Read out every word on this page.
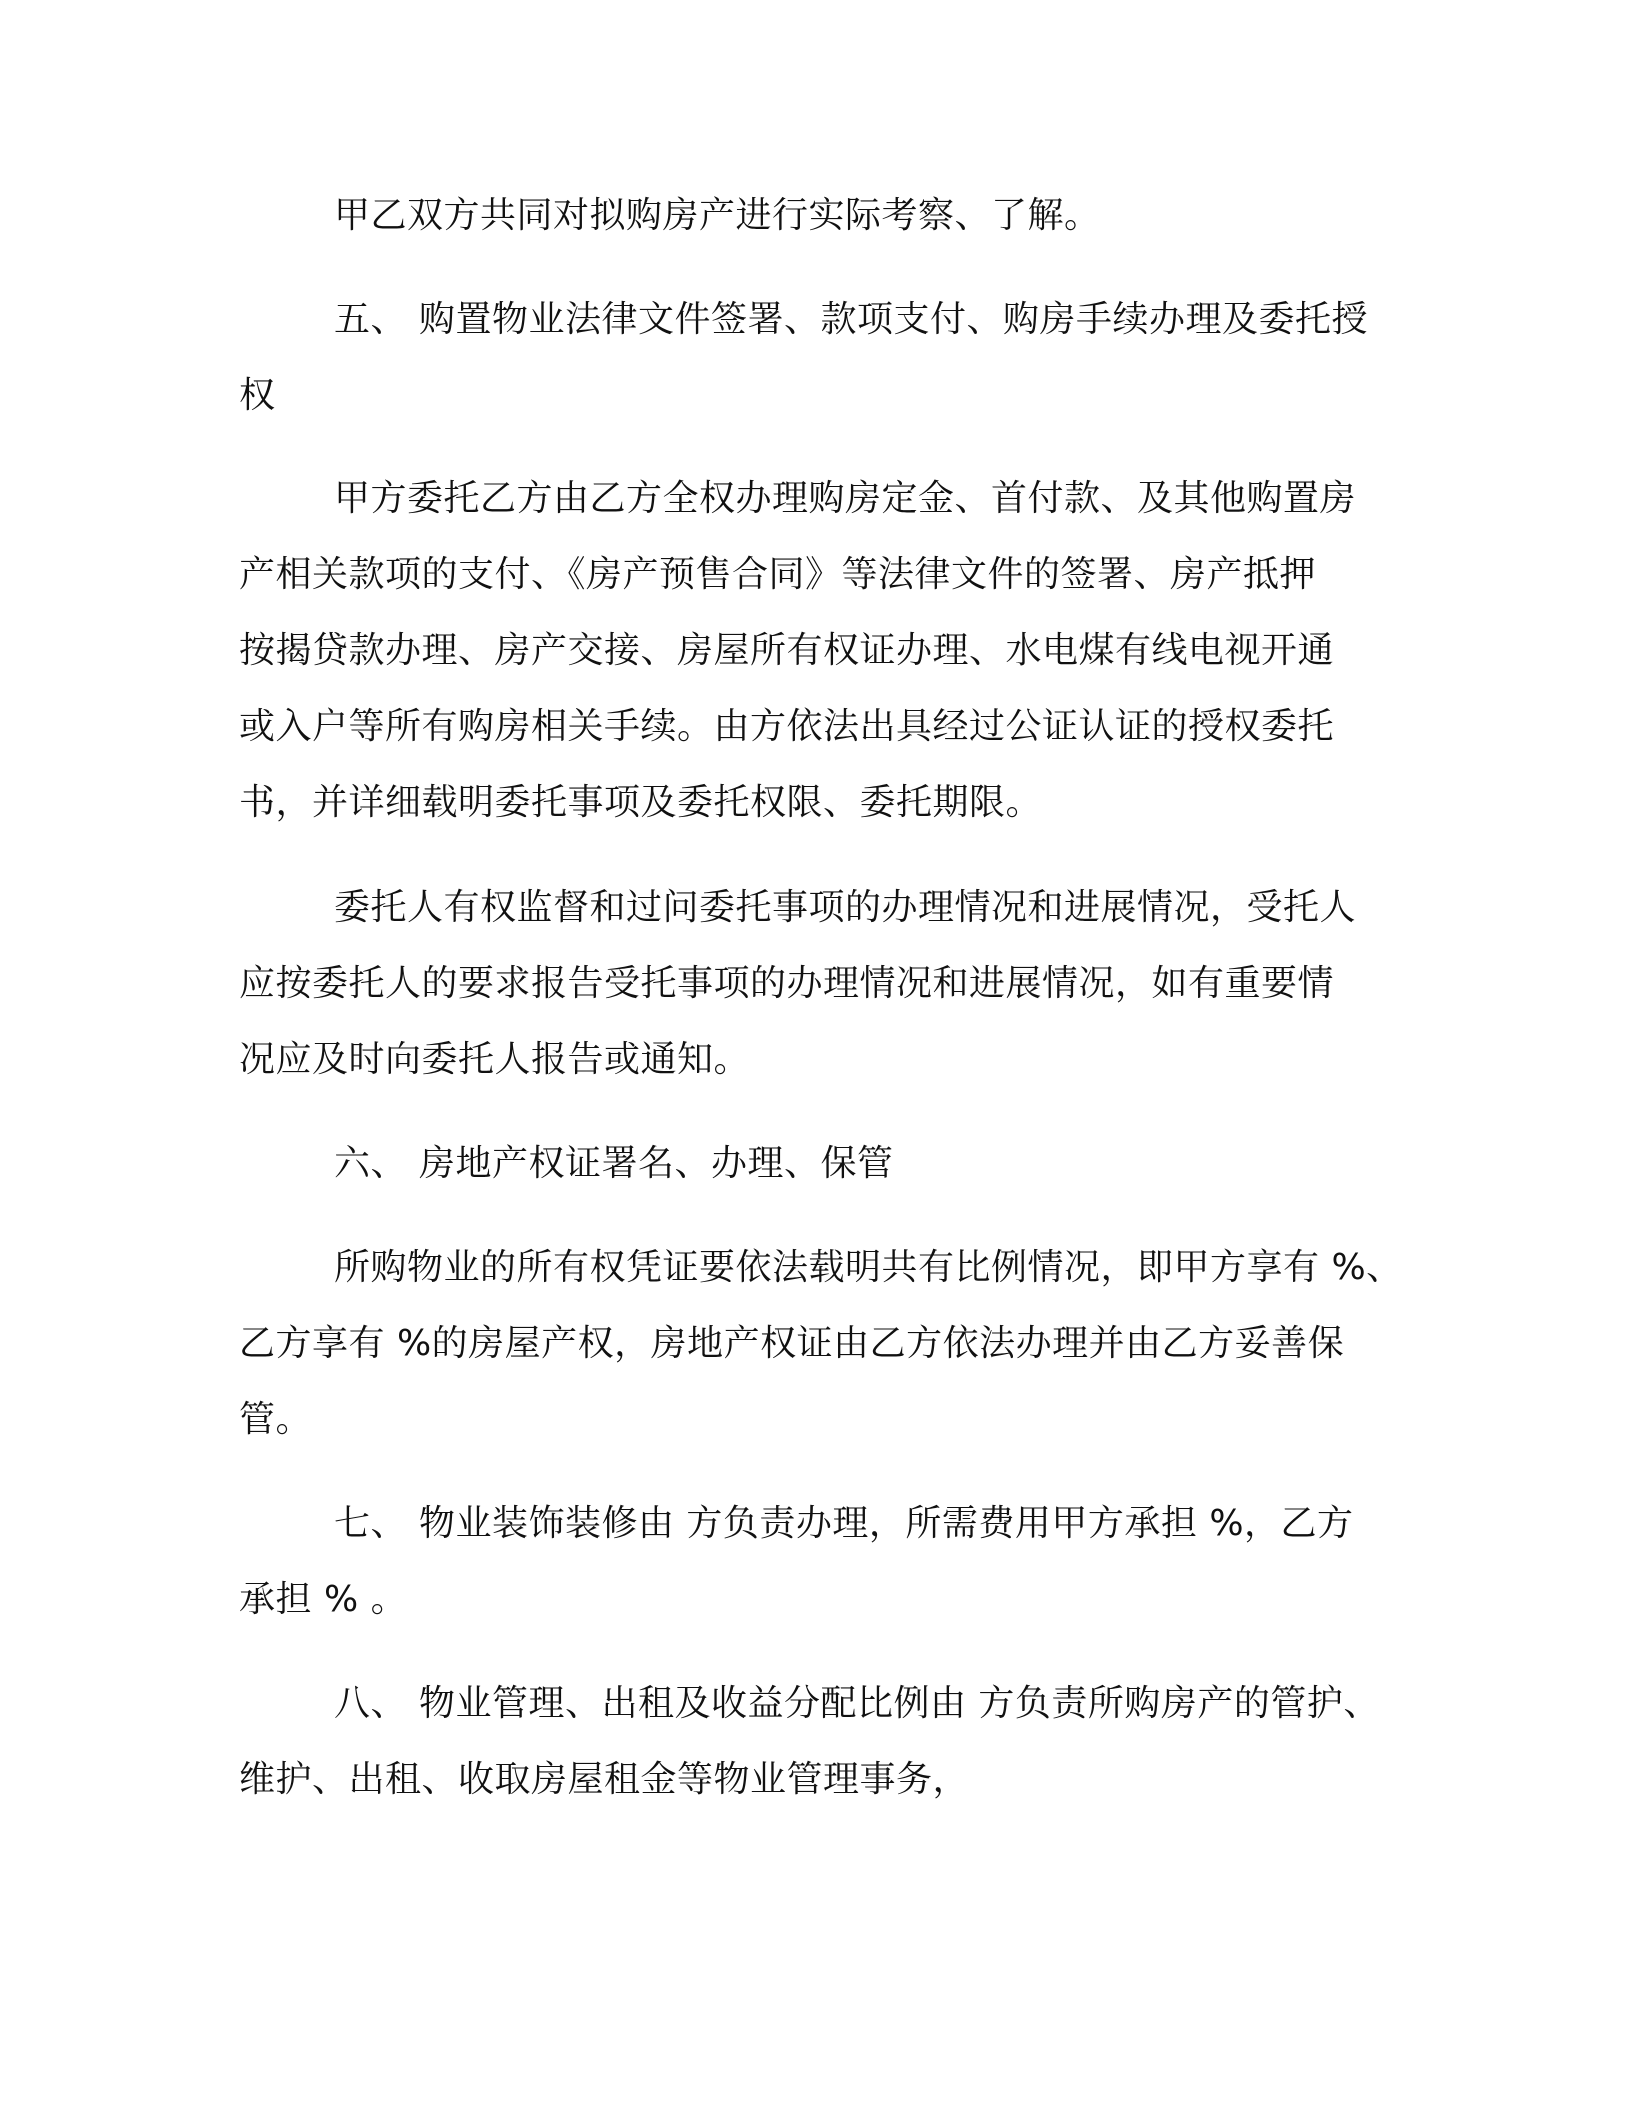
甲乙双方共同对拟购房产进行实际考察、了解。
五、 购置物业法律文件签署、款项支付、购房手续办理及委托授
权
甲方委托乙方由乙方全权办理购房定金、首付款、及其他购置房
产相关款项的支付、《房产预售合同》等法律文件的签署、房产抵押
按揭贷款办理、房产交接、房屋所有权证办理、水电煤有线电视开通
或入户等所有购房相关手续。由方依法出具经过公证认证的授权委托
书，并详细载明委托事项及委托权限、委托期限。
委托人有权监督和过问委托事项的办理情况和进展情况，受托人
应按委托人的要求报告受托事项的办理情况和进展情况，如有重要情
况应及时向委托人报告或通知。
六、 房地产权证署名、办理、保管
所购物业的所有权凭证要依法载明共有比例情况，即甲方享有 %、
乙方享有 %的房屋产权，房地产权证由乙方依法办理并由乙方妥善保
管。
七、 物业装饰装修由 方负责办理，所需费用甲方承担 %，乙方
承担 % 。
八、 物业管理、出租及收益分配比例由 方负责所购房产的管护、
维护、出租、收取房屋租金等物业管理事务，
